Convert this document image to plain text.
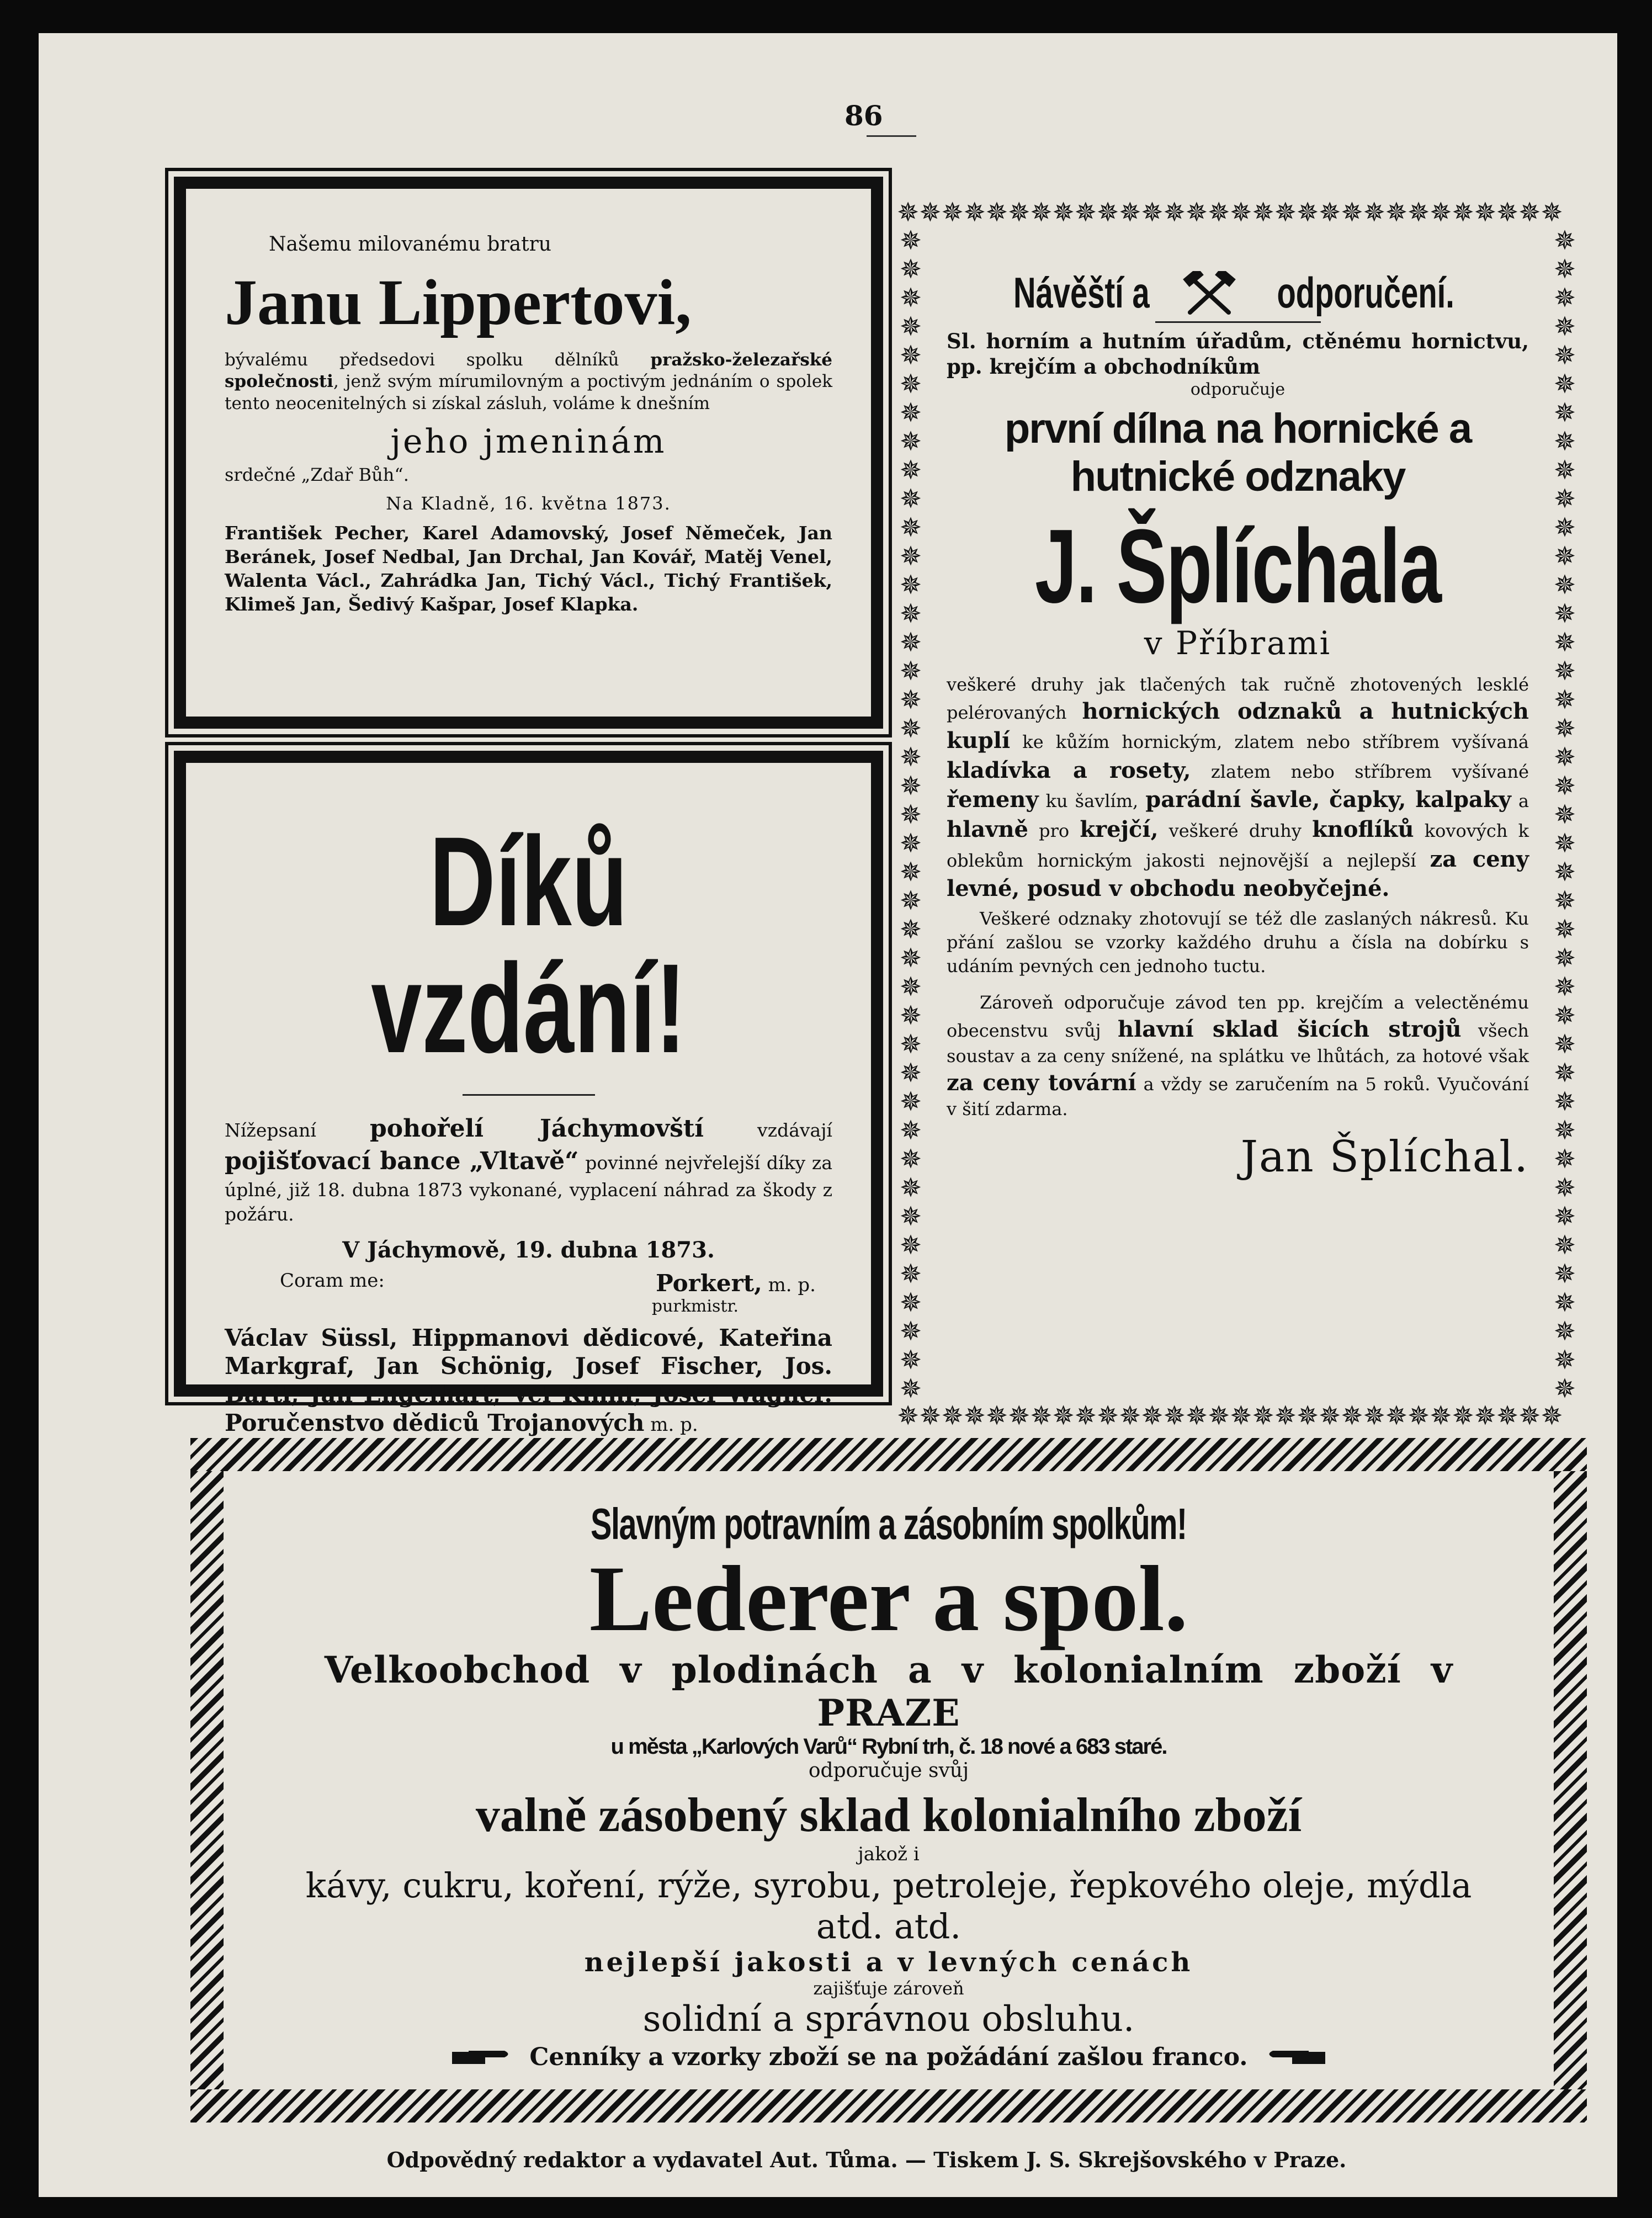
86

Našemu milovanému bratru

Janu Lippertovi,

bývalému předsedovi spolku dělníků pražsko-železařské společnosti, jenž svým mírumilovným a poctivým jednáním o spolek tento neocenitelných si získal zásluh, voláme k dnešním

jeho jmeninám

srdečné „Zdař Bůh“.

Na Kladně, 16. května 1873.

František Pecher, Karel Adamovský, Josef Němeček, Jan Beránek, Josef Nedbal, Jan Drchal, Jan Kovář, Matěj Venel, Walenta Václ., Zahrádka Jan, Tichý Václ., Tichý František, Klimeš Jan, Šedivý Kašpar, Josef Klapka.

Díků vzdání!

Nížepsaní pohořelí Jáchymovští vzdávají pojišťovací bance „Vltavě“ povinné nejvřelejší díky za úplné, již 18. dubna 1873 vykonané, vyplacení náhrad za škody z požáru.

V Jáchymově, 19. dubna 1873.

Coram me:	Porkert, m. p.

purkmistr.

Václav Süssl, Hippmanovi dědicové, Kateřina Markgraf, Jan Schönig, Josef Fischer, Jos. Bartl, Jan Engelhart, Vel Kinnl, Josef Wagner. Poručenstvo dědiců Trojanových m. p.

✵✵✵✵✵✵✵✵✵✵✵✵✵✵✵✵✵✵✵✵✵✵✵✵✵✵✵✵✵✵
✵✵✵✵✵✵✵✵✵✵✵✵✵✵✵✵✵✵✵✵✵✵✵✵✵✵✵✵✵✵
✵✵✵✵✵✵✵✵✵✵✵✵✵✵✵✵✵✵✵✵✵✵✵✵✵✵✵✵✵✵✵✵✵✵✵✵✵✵✵✵✵
✵✵✵✵✵✵✵✵✵✵✵✵✵✵✵✵✵✵✵✵✵✵✵✵✵✵✵✵✵✵✵✵✵✵✵✵✵✵✵✵✵
Návěští a	odporučení.

Sl. horním a hutním úřadům, ctěnému hornictvu, pp. krejčím a obchodníkům

odporučuje

první dílna na hornické a hutnické odznaky

J. Šplíchala

v Příbrami

veškeré druhy jak tlačených tak ručně zhotovených lesklé pelérovaných hornických odznaků a hutnických kuplí ke kůžím hornickým, zlatem nebo stříbrem vyšívaná kladívka a rosety, zlatem nebo stříbrem vyšívané řemeny ku šavlím, parádní šavle, čapky, kalpaky a hlavně pro krejčí, veškeré druhy knoflíků kovových k oblekům hornickým jakosti nejnovější a nejlepší za ceny levné, posud v obchodu neobyčejné.

Veškeré odznaky zhotovují se též dle zaslaných nákresů. Ku přání zašlou se vzorky každého druhu a čísla na dobírku s udáním pevných cen jednoho tuctu.

Zároveň odporučuje závod ten pp. krejčím a velectěnému obecenstvu svůj hlavní sklad šicích strojů všech soustav a za ceny snížené, na splátku ve lhůtách, za hotové však za ceny tovární a vždy se zaručením na 5 roků. Vyučování v šití zdarma.

Jan Šplíchal.

Slavným potravním a zásobním spolkům!

Lederer a spol.

Velkoobchod v plodinách a v kolonialním zboží v PRAZE

u města „Karlových Varů“ Rybní trh, č. 18 nové a 683 staré.

odporučuje svůj

valně zásobený sklad kolonialního zboží

jakož i

kávy, cukru, koření, rýže, syrobu, petroleje, řepkového oleje, mýdla atd. atd.

nejlepší jakosti a v levných cenách

zajišťuje zároveň

solidní a správnou obsluhu.

Cenníky a vzorky zboží se na požádání zašlou franco.
Odpovědný redaktor a vydavatel Aut. Tůma. — Tiskem J. S. Skrejšovského v Praze.
